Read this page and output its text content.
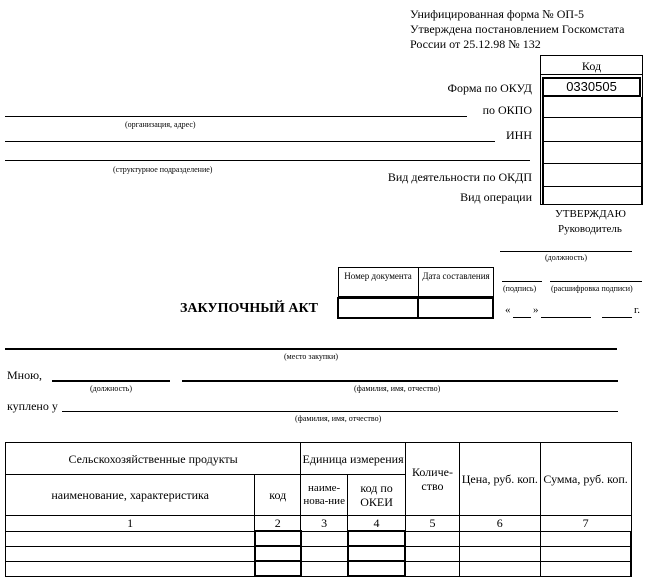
Унифицированная форма № ОП-5
Утверждена постановлением Госкомстата
России от 25.12.98 № 132
Код
0330505
Форма по ОКУД
по ОКПО
ИНН
Вид деятельности по ОКДП
Вид операции
(организация, адрес)
(структурное подразделение)
УТВЕРЖДАЮ
Руководитель
(должность)
(подпись) (расшифровка подписи)
« »	г.
Номер документа	Дата составления
ЗАКУПОЧНЫЙ АКТ
(место закупки)
Мною,
(должность)	(фамилия, имя, отчество)
куплено у
(фамилия, имя, отчество)
Сельскохозяйственные продукты		Единица измерения		Количе-ство	Цена, руб. коп.	Сумма, руб. коп.
наименование, характеристика	код	наиме-нова-ние	код по ОКЕИ			
1	2	3	4	5	6	7
